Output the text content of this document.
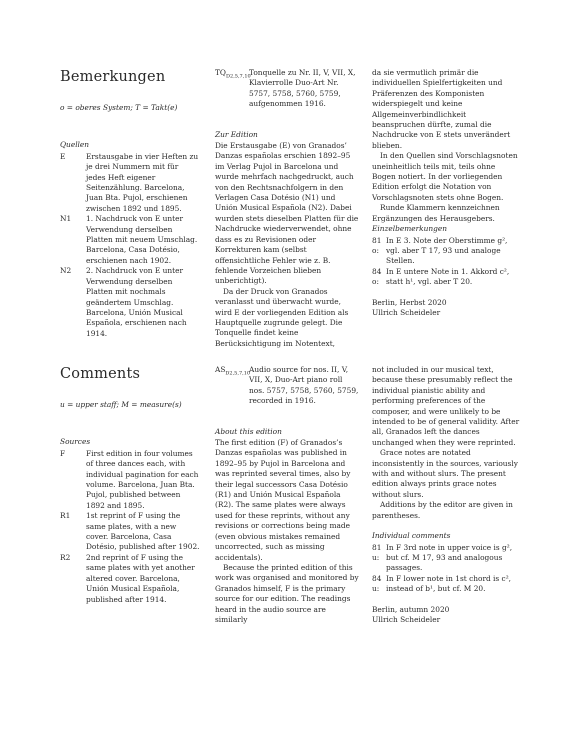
Bemerkungen
o = oberes System; T = Takt(e)
Quellen
E	Erstausgabe in vier Heften zu je drei Nummern mit für jedes Heft eigener Seitenzählung. Barcelona, Juan Bta. Pujol, erschienen zwischen 1892 und 1895.
N1	1. Nachdruck von E unter Verwendung derselben Platten mit neuem Umschlag. Barcelona, Casa Dotésio, erschienen nach 1902.
N2	2. Nachdruck von E unter Verwendung derselben Platten mit nochmals geändertem Umschlag. Barcelona, Unión Musical Española, erschienen nach 1914.
$TQ_{D2,5,7,10}$
Tonquelle zu Nr. II, V, VII, X, Klavierrolle Duo-Art Nr. 5757, 5758, 5760, 5759, aufgenommen 1916.
Zur Edition

Die Erstausgabe (E) von Granados’ Danzas españolas erschien 1892–95 im Verlag Pujol in Barcelona und wurde mehrfach nachgedruckt, auch von den Rechtsnachfolgern in den Verlagen Casa Dotésio (N1) und Unión Musical Española (N2). Dabei wurden stets dieselben Platten für die Nachdrucke wiederverwendet, ohne dass es zu Revisionen oder Korrekturen kam (selbst offensichtliche Fehler wie z. B. fehlende Vorzeichen blieben unberichtigt).

Da der Druck von Granados veranlasst und überwacht wurde, wird E der vorliegenden Edition als Hauptquelle zugrunde gelegt. Die Tonquelle findet keine Berücksichtigung im Notentext,

da sie vermutlich primär die individuellen Spielfertigkeiten und Präferenzen des Komponisten widerspiegelt und keine Allgemeinverbindlichkeit beanspruchen dürfte, zumal die Nachdrucke von E stets unverändert blieben.

In den Quellen sind Vorschlagsnoten uneinheitlich teils mit, teils ohne Bogen notiert. In der vorliegenden Edition erfolgt die Notation von Vorschlagsnoten stets ohne Bogen.

Runde Klammern kennzeichnen Ergänzungen des Herausgebers.

Einzelbemerkungen
81 o:
In E 3. Note der Oberstimme g², vgl. aber T 17, 93 und analoge Stellen.
84 o:
In E untere Note in 1. Akkord c², statt h¹, vgl. aber T 20.
Berlin, Herbst 2020
Ullrich Scheideler
Comments
u = upper staff; M = measure(s)
Sources
F	First edition in four volumes of three dances each, with individual pagination for each volume. Barcelona, Juan Bta. Pujol, published between 1892 and 1895.
R1	1st reprint of F using the same plates, with a new cover. Barcelona, Casa Dotésio, published after 1902.
R2	2nd reprint of F using the same plates with yet another altered cover. Barcelona, Unión Musical Española, published after 1914.
$AS_{D2,5,7,10}$
Audio source for nos. II, V, VII, X, Duo-Art piano roll nos. 5757, 5758, 5760, 5759, recorded in 1916.
About this edition

The first edition (F) of Granados’s Danzas españolas was published in 1892–95 by Pujol in Barcelona and was reprinted several times, also by their legal successors Casa Dotésio (R1) and Unión Musical Española (R2). The same plates were always used for these reprints, without any revisions or corrections being made (even obvious mistakes remained uncorrected, such as missing accidentals).

Because the printed edition of this work was organised and monitored by Granados himself, F is the primary source for our edition. The readings heard in the audio source are similarly

not included in our musical text, because these presumably reflect the individual pianistic ability and performing preferences of the composer, and were unlikely to be intended to be of general validity. After all, Granados left the dances unchanged when they were reprinted.

Grace notes are notated inconsistently in the sources, variously with and without slurs. The present edition always prints grace notes without slurs.

Additions by the editor are given in parentheses.

Individual comments
81 u:
In F 3rd note in upper voice is g², but cf. M 17, 93 and analogous passages.
84 u:
In F lower note in 1st chord is c², instead of b¹, but cf. M 20.
Berlin, autumn 2020
Ullrich Scheideler
